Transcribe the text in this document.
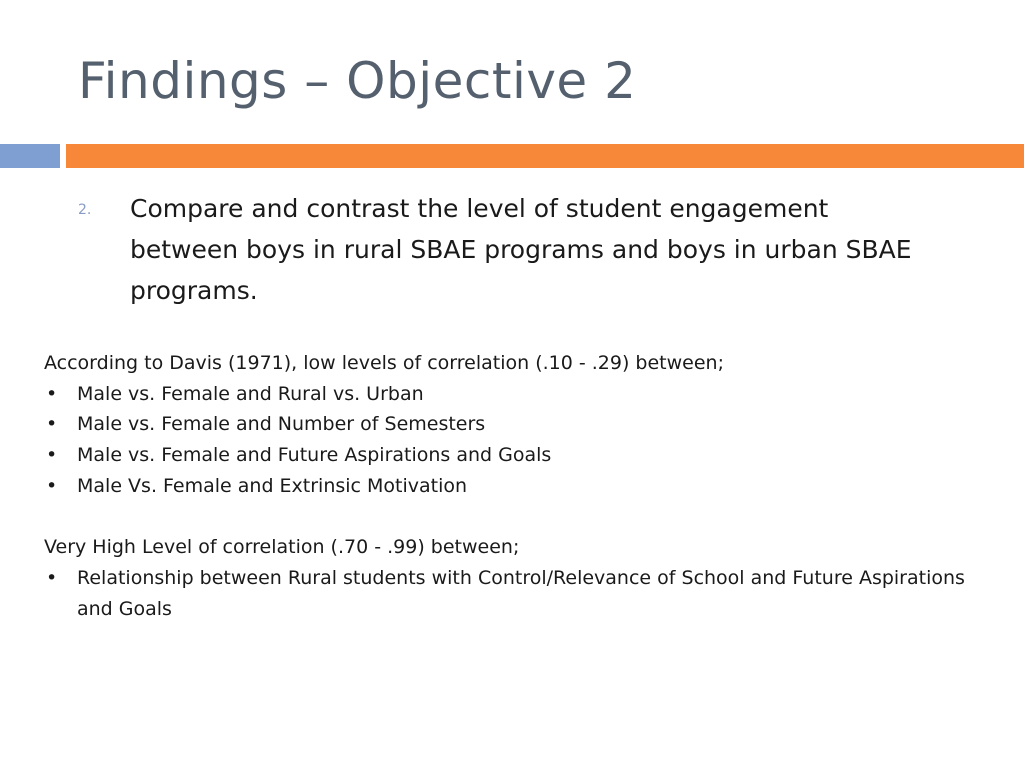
Findings – Objective 2
2. Compare and contrast the level of student engagement between boys in rural SBAE programs and boys in urban SBAE programs.
According to Davis (1971), low levels of correlation (.10 - .29) between;
• Male vs. Female and Rural vs. Urban
• Male vs. Female and Number of Semesters
• Male vs. Female and Future Aspirations and Goals
• Male Vs. Female and Extrinsic Motivation
Very High Level of correlation (.70 - .99) between;
• Relationship between Rural students with Control/Relevance of School and Future Aspirations and Goals
